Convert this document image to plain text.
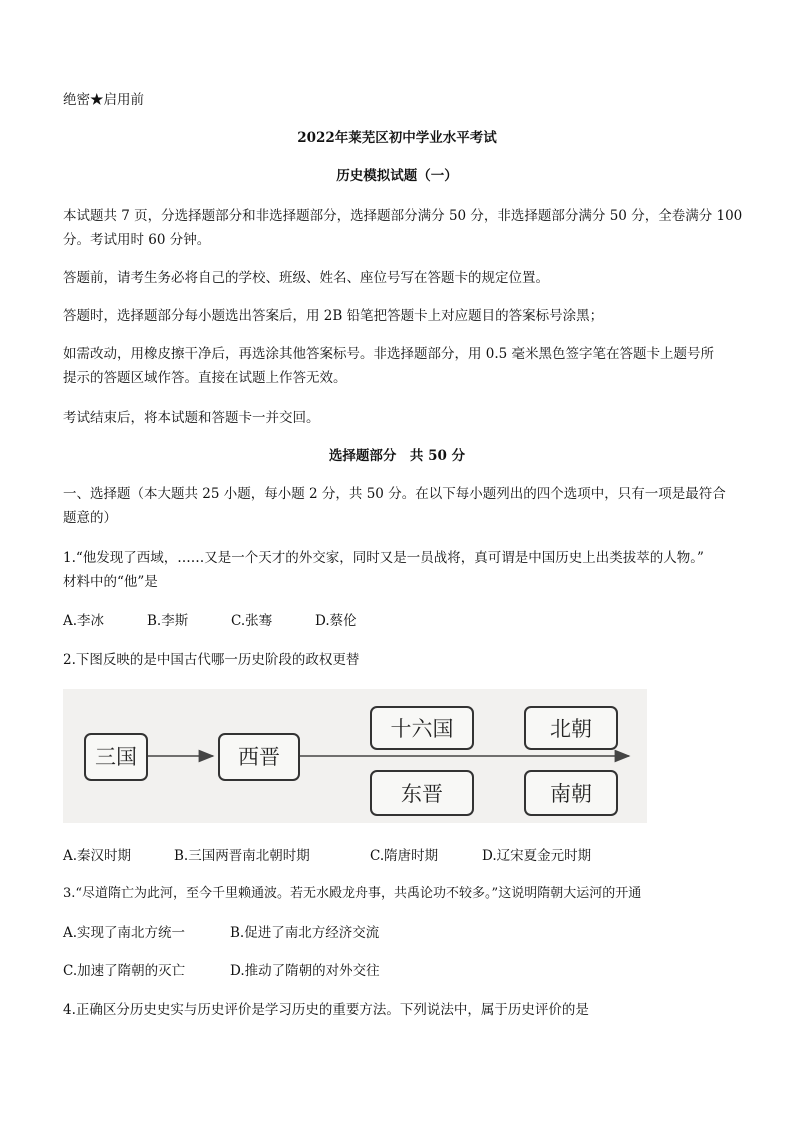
绝密★启用前
2022年莱芜区初中学业水平考试
历史模拟试题（一）
本试题共 7 页，分选择题部分和非选择题部分，选择题部分满分 50 分，非选择题部分满分 50 分，全卷满分 100
分。考试用时 60 分钟。
答题前，请考生务必将自己的学校、班级、姓名、座位号写在答题卡的规定位置。
答题时，选择题部分每小题选出答案后，用 2B 铅笔把答题卡上对应题目的答案标号涂黑；
如需改动，用橡皮擦干净后，再选涂其他答案标号。非选择题部分，用 0.5 毫米黑色签字笔在答题卡上题号所
提示的答题区域作答。直接在试题上作答无效。
考试结束后，将本试题和答题卡一并交回。
选择题部分　共 50 分
一、选择题（本大题共 25 小题，每小题 2 分，共 50 分。在以下每小题列出的四个选项中，只有一项是最符合
题意的）
1.“他发现了西域，……又是一个天才的外交家，同时又是一员战将，真可谓是中国历史上出类拔萃的人物。”
材料中的“他”是
A.李冰	B.李斯	C.张骞	D.蔡伦
2.下图反映的是中国古代哪一历史阶段的政权更替
三国	西晋
十六国
东晋
北朝
南朝
A.秦汉时期	B.三国两晋南北朝时期	C.隋唐时期	D.辽宋夏金元时期
3.“尽道隋亡为此河，至今千里赖通波。若无水殿龙舟事，共禹论功不较多。”这说明隋朝大运河的开通
A.实现了南北方统一	B.促进了南北方经济交流
C.加速了隋朝的灭亡	D.推动了隋朝的对外交往
4.正确区分历史史实与历史评价是学习历史的重要方法。下列说法中，属于历史评价的是
